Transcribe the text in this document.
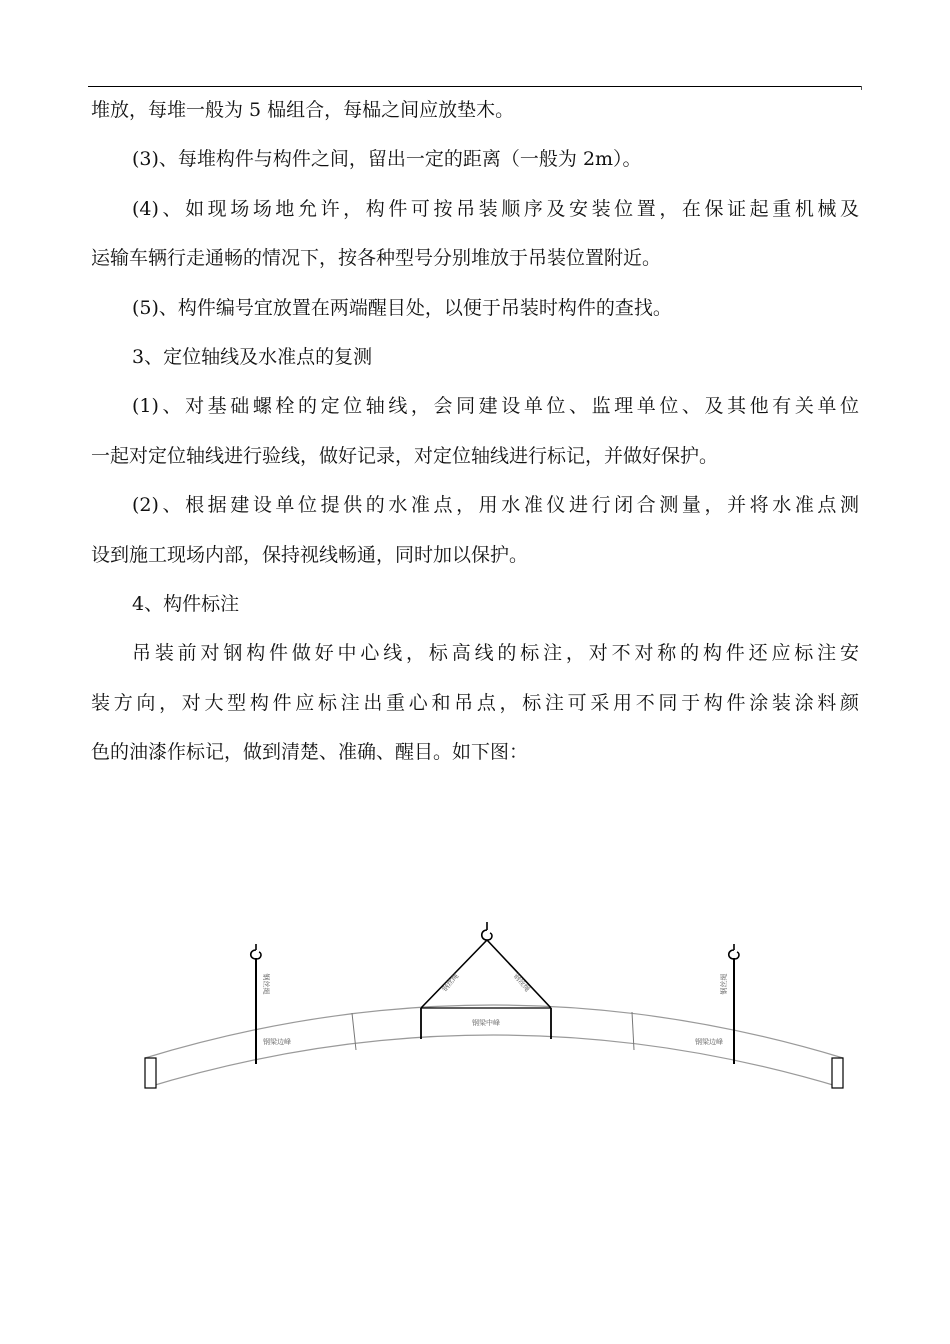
堆放，每堆一般为 5 榀组合，每榀之间应放垫木。
(3)、每堆构件与构件之间，留出一定的距离（一般为 2m）。
(4)、如现场场地允许，构件可按吊装顺序及安装位置，在保证起重机械及
运输车辆行走通畅的情况下，按各种型号分别堆放于吊装位置附近。
(5)、构件编号宜放置在两端醒目处，以便于吊装时构件的查找。
3、定位轴线及水准点的复测
(1)、对基础螺栓的定位轴线，会同建设单位、监理单位、及其他有关单位
一起对定位轴线进行验线，做好记录，对定位轴线进行标记，并做好保护。
(2)、根据建设单位提供的水准点，用水准仪进行闭合测量，并将水准点测
设到施工现场内部，保持视线畅通，同时加以保护。
4、构件标注
吊装前对钢构件做好中心线，标高线的标注，对不对称的构件还应标注安
装方向，对大型构件应标注出重心和吊点，标注可采用不同于构件涂装涂料颜
色的油漆作标记，做到清楚、准确、醒目。如下图：
钢梁中峰
钢梁边峰	钢梁边峰
钢丝绳	钢丝绳
钢丝绳	钢丝绳
